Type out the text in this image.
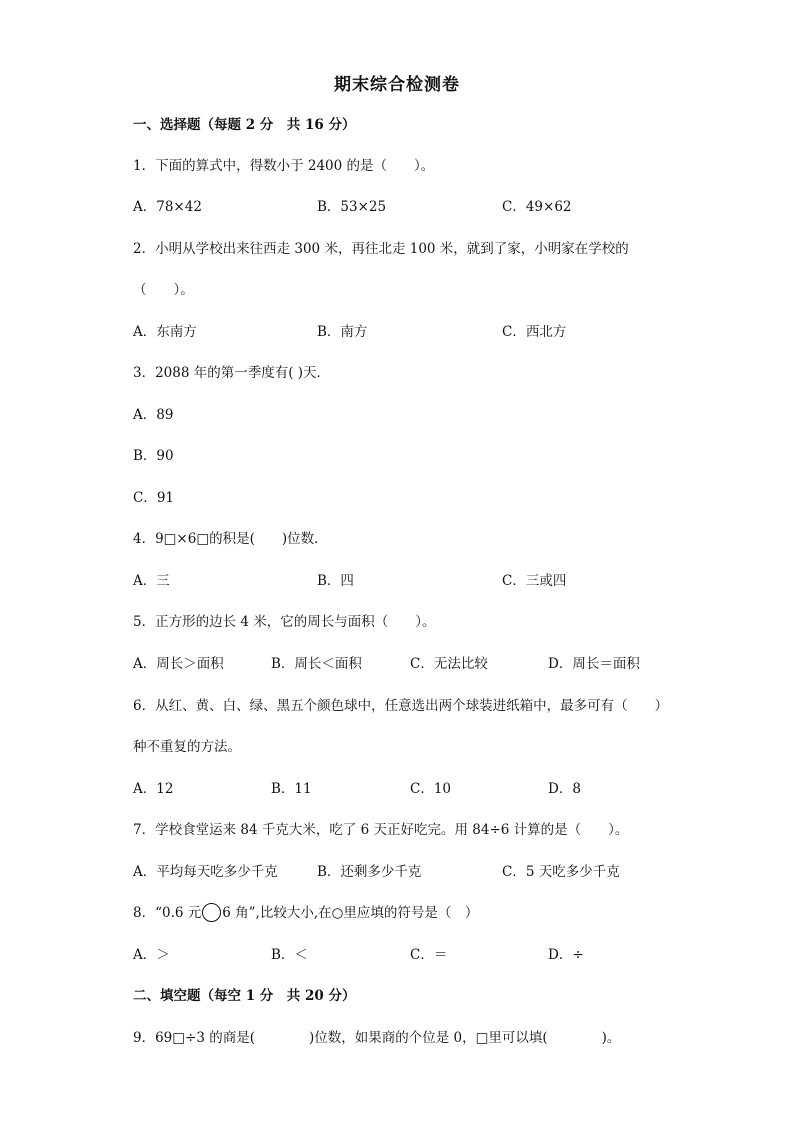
期末综合检测卷
一、选择题（每题 2 分　共 16 分）
1．下面的算式中，得数小于 2400 的是（　　）。
A．78×42	B．53×25	C．49×62
2．小明从学校出来往西走 300 米，再往北走 100 米，就到了家，小明家在学校的
（　　）。
A．东南方	B．南方	C．西北方
3．2088 年的第一季度有( )天．
A．89
B．90
C．91
4．9□×6□的积是(　　)位数．
A．三	B．四	C．三或四
5．正方形的边长 4 米，它的周长与面积（　　）。
A．周长＞面积	B．周长＜面积	C．无法比较	D．周长＝面积
6．从红、黄、白、绿、黑五个颜色球中，任意选出两个球装进纸箱中，最多可有（　　）
种不重复的方法。
A．12	B．11	C．10	D．8
7．学校食堂运来 84 千克大米，吃了 6 天正好吃完。用 84÷6 计算的是（　　）。
A．平均每天吃多少千克	B．还剩多少千克	C．5 天吃多少千克
8．“0.6 元 6 角”,比较大小,在○里应填的符号是（　）
A．＞	B．＜	C．＝	D．÷
二、填空题（每空 1 分　共 20 分）
9．69□÷3 的商是(　　　　)位数，如果商的个位是 0，□里可以填(　　　　)。
